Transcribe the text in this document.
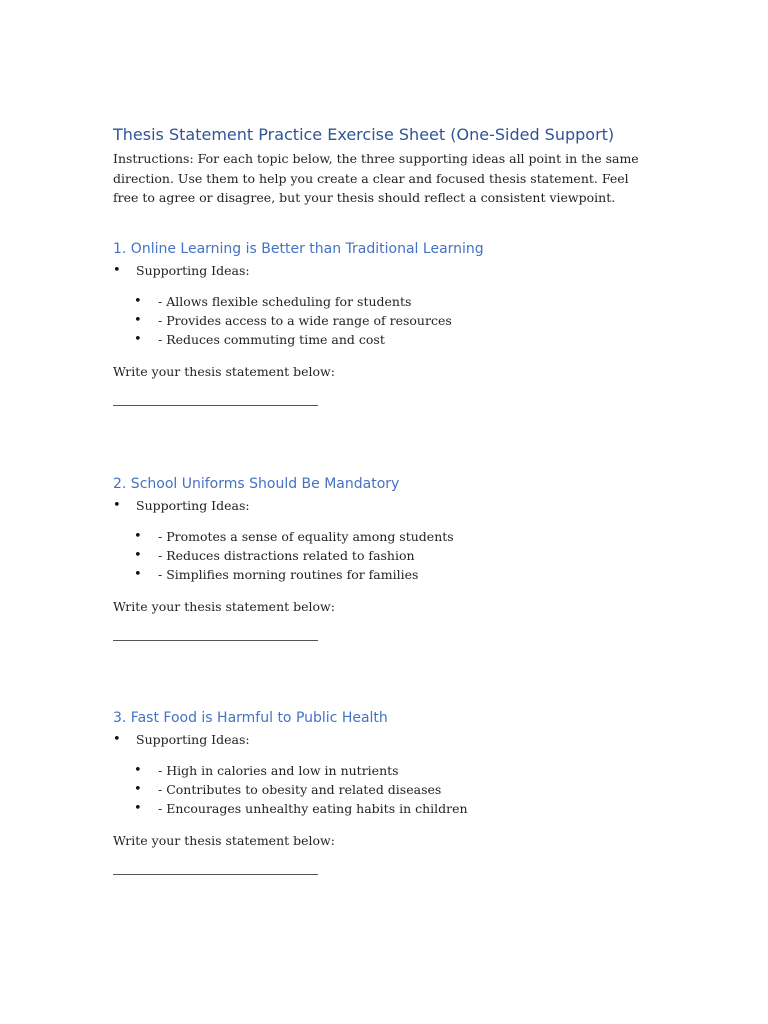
Thesis Statement Practice Exercise Sheet (One-Sided Support)

Instructions: For each topic below, the three supporting ideas all point in the same direction. Use them to help you create a clear and focused thesis statement. Feel free to agree or disagree, but your thesis should reflect a consistent viewpoint.

1. Online Learning is Better than Traditional Learning
• Supporting Ideas:
• - Allows flexible scheduling for students
• - Provides access to a wide range of resources
• - Reduces commuting time and cost
Write your thesis statement below:
2. School Uniforms Should Be Mandatory
• Supporting Ideas:
• - Promotes a sense of equality among students
• - Reduces distractions related to fashion
• - Simplifies morning routines for families
Write your thesis statement below:
3. Fast Food is Harmful to Public Health
• Supporting Ideas:
• - High in calories and low in nutrients
• - Contributes to obesity and related diseases
• - Encourages unhealthy eating habits in children
Write your thesis statement below:
